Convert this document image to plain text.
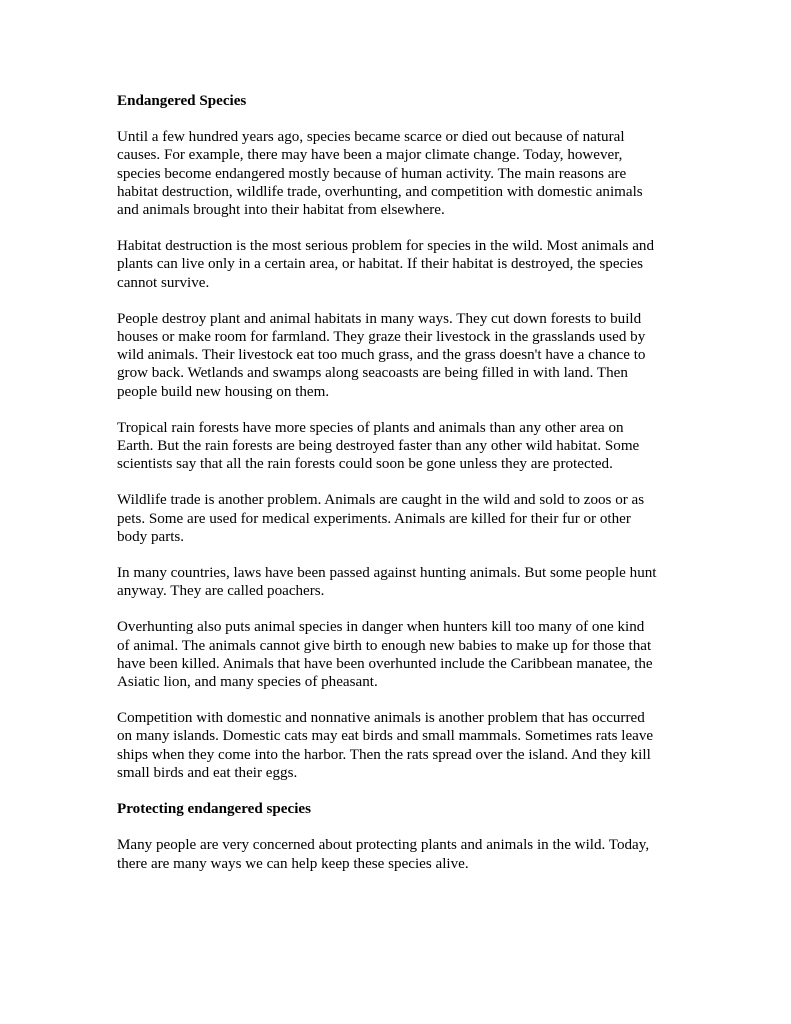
Endangered Species
Until a few hundred years ago, species became scarce or died out because of natural
causes. For example, there may have been a major climate change. Today, however,
species become endangered mostly because of human activity. The main reasons are
habitat destruction, wildlife trade, overhunting, and competition with domestic animals
and animals brought into their habitat from elsewhere.
Habitat destruction is the most serious problem for species in the wild. Most animals and
plants can live only in a certain area, or habitat. If their habitat is destroyed, the species
cannot survive.
People destroy plant and animal habitats in many ways. They cut down forests to build
houses or make room for farmland. They graze their livestock in the grasslands used by
wild animals. Their livestock eat too much grass, and the grass doesn't have a chance to
grow back. Wetlands and swamps along seacoasts are being filled in with land. Then
people build new housing on them.
Tropical rain forests have more species of plants and animals than any other area on
Earth. But the rain forests are being destroyed faster than any other wild habitat. Some
scientists say that all the rain forests could soon be gone unless they are protected.
Wildlife trade is another problem. Animals are caught in the wild and sold to zoos or as
pets. Some are used for medical experiments. Animals are killed for their fur or other
body parts.
In many countries, laws have been passed against hunting animals. But some people hunt
anyway. They are called poachers.
Overhunting also puts animal species in danger when hunters kill too many of one kind
of animal. The animals cannot give birth to enough new babies to make up for those that
have been killed. Animals that have been overhunted include the Caribbean manatee, the
Asiatic lion, and many species of pheasant.
Competition with domestic and nonnative animals is another problem that has occurred
on many islands. Domestic cats may eat birds and small mammals. Sometimes rats leave
ships when they come into the harbor. Then the rats spread over the island. And they kill
small birds and eat their eggs.
Protecting endangered species
Many people are very concerned about protecting plants and animals in the wild. Today,
there are many ways we can help keep these species alive.
